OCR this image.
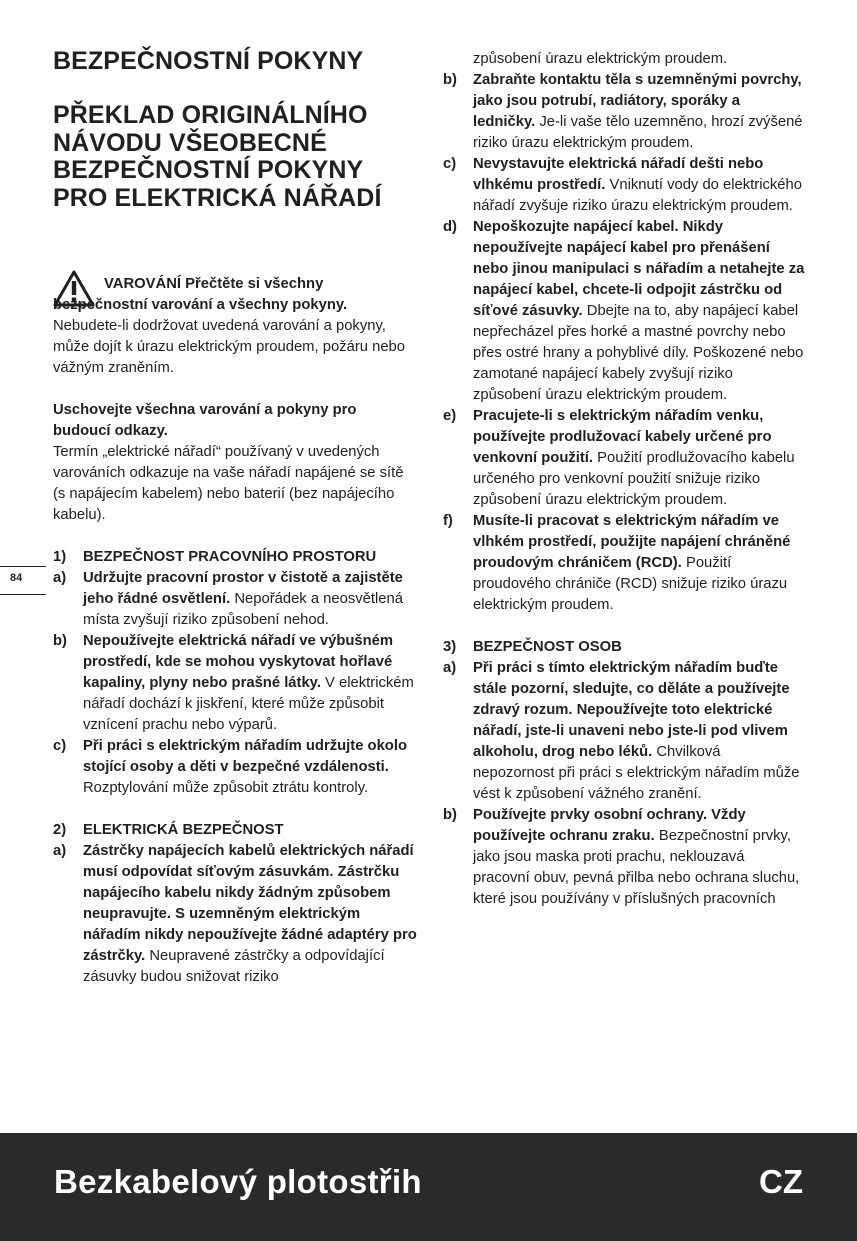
BEZPEČNOSTNÍ POKYNY
PŘEKLAD ORIGINÁLNÍHO NÁVODU VŠEOBECNÉ BEZPEČNOSTNÍ POKYNY PRO ELEKTRICKÁ NÁŘADÍ

VAROVÁNÍ Přečtěte si všechny bezpečnostní varování a všechny pokyny. Nebudete-li dodržovat uvedená varování a pokyny, může dojít k úrazu elektrickým proudem, požáru nebo vážným zraněním.

Uschovejte všechna varování a pokyny pro budoucí odkazy.
Termín „elektrické nářadí“ používaný v uvedených varováních odkazuje na vaše nářadí napájené se sítě (s napájecím kabelem) nebo baterií (bez napájecího kabelu).

1) BEZPEČNOST PRACOVNÍHO PROSTORU
a) Udržujte pracovní prostor v čistotě a zajistěte jeho řádné osvětlení. Nepořádek a neosvětlená místa zvyšují riziko způsobení nehod.
b) Nepoužívejte elektrická nářadí ve výbušném prostředí, kde se mohou vyskytovat hořlavé kapaliny, plyny nebo prašné látky. V elektrickém nářadí dochází k jiskření, které může způsobit vznícení prachu nebo výparů.
c) Při práci s elektrickým nářadím udržujte okolo stojící osoby a děti v bezpečné vzdálenosti. Rozptylování může způsobit ztrátu kontroly.
2) ELEKTRICKÁ BEZPEČNOST
a) Zástrčky napájecích kabelů elektrických nářadí musí odpovídat síťovým zásuvkám. Zástrčku napájecího kabelu nikdy žádným způsobem neupravujte. S uzemněným elektrickým nářadím nikdy nepoužívejte žádné adaptéry pro zástrčky. Neupravené zástrčky a odpovídající zásuvky budou snižovat riziko
způsobení úrazu elektrickým proudem.
b) Zabraňte kontaktu těla s uzemněnými povrchy, jako jsou potrubí, radiátory, sporáky a ledničky. Je-li vaše tělo uzemněno, hrozí zvýšené riziko úrazu elektrickým proudem.
c) Nevystavujte elektrická nářadí dešti nebo vlhkému prostředí. Vniknutí vody do elektrického nářadí zvyšuje riziko úrazu elektrickým proudem.
d) Nepoškozujte napájecí kabel. Nikdy nepoužívejte napájecí kabel pro přenášení nebo jinou manipulaci s nářadím a netahejte za napájecí kabel, chcete-li odpojit zástrčku od síťové zásuvky. Dbejte na to, aby napájecí kabel nepřecházel přes horké a mastné povrchy nebo přes ostré hrany a pohyblivé díly. Poškozené nebo zamotané napájecí kabely zvyšují riziko způsobení úrazu elektrickým proudem.
e) Pracujete-li s elektrickým nářadím venku, používejte prodlužovací kabely určené pro venkovní použití. Použití prodlužovacího kabelu určeného pro venkovní použití snižuje riziko způsobení úrazu elektrickým proudem.
f) Musíte-li pracovat s elektrickým nářadím ve vlhkém prostředí, použijte napájení chráněné proudovým chráničem (RCD). Použití proudového chrániče (RCD) snižuje riziko úrazu elektrickým proudem.
3) BEZPEČNOST OSOB
a) Při práci s tímto elektrickým nářadím buďte stále pozorní, sledujte, co děláte a používejte zdravý rozum. Nepoužívejte toto elektrické nářadí, jste-li unaveni nebo jste-li pod vlivem alkoholu, drog nebo léků. Chvilková nepozornost při práci s elektrickým nářadím může vést k způsobení vážného zranění.
b) Používejte prvky osobní ochrany. Vždy používejte ochranu zraku. Bezpečnostní prvky, jako jsou maska proti prachu, neklouzavá pracovní obuv, pevná přilba nebo ochrana sluchu, které jsou používány v příslušných pracovních
84
Bezkabelový plotostřih	CZ
